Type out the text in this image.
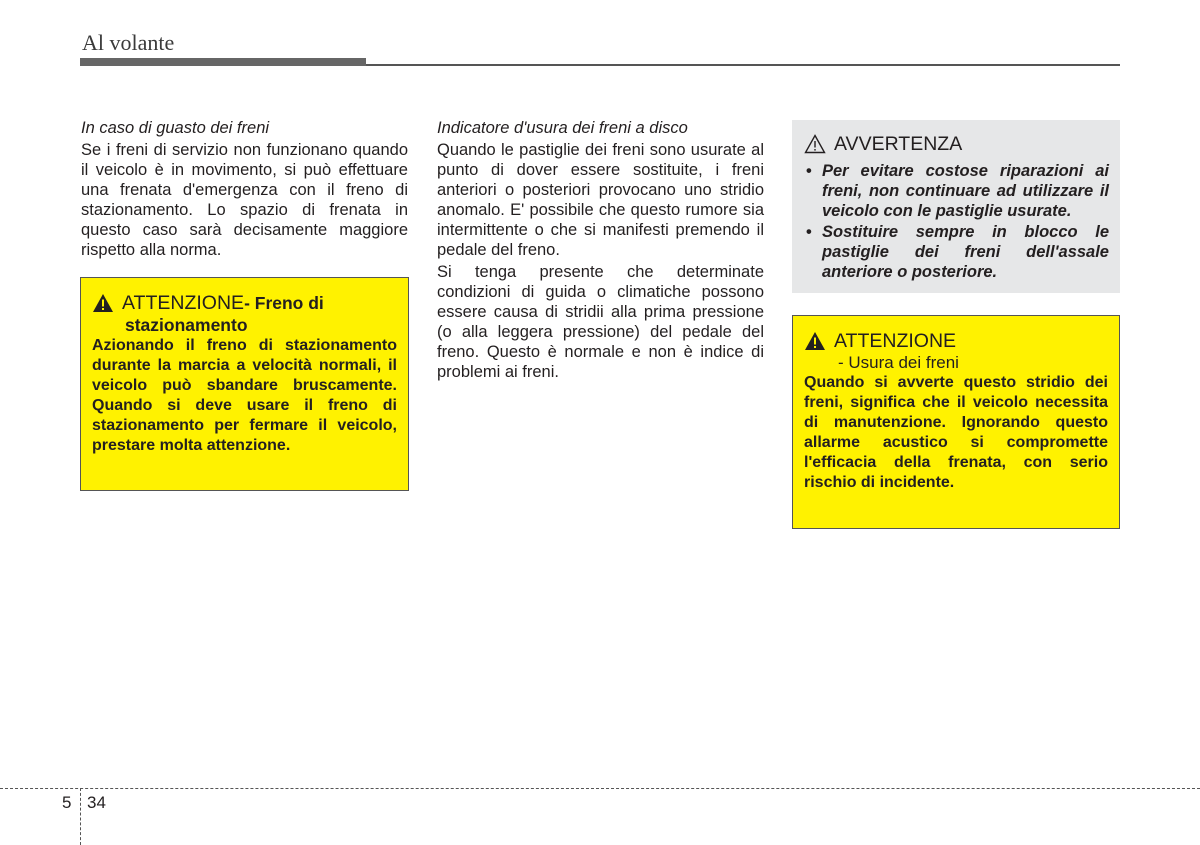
Al volante

In caso di guasto dei freni

Se i freni di servizio non funzionano quando il veicolo è in movimento, si può effettuare una frenata d'emergenza con il freno di stazionamento. Lo spazio di frenata in questo caso sarà decisamente maggiore rispetto alla norma.

ATTENZIONE - Freno di
stazionamento

Azionando il freno di stazionamento durante la marcia a velocità normali, il veicolo può sbandare bruscamente. Quando si deve usare il freno di stazionamento per fermare il veicolo, prestare molta attenzione.

Indicatore d'usura dei freni a disco

Quando le pastiglie dei freni sono usurate al punto di dover essere sostituite, i freni anteriori o posteriori provocano uno stridio anomalo. E' possibile che questo rumore sia intermittente o che si manifesti premendo il pedale del freno.

Si tenga presente che determinate condizioni di guida o climatiche possono essere causa di stridii alla prima pressione (o alla leggera pressione) del pedale del freno. Questo è normale e non è indice di problemi ai freni.

AVVERTENZA
• Per evitare costose riparazioni ai freni, non continuare ad utilizzare il veicolo con le pastiglie usurate.
• Sostituire sempre in blocco le pastiglie dei freni dell'assale anteriore o posteriore.
ATTENZIONE
- Usura dei freni

Quando si avverte questo stridio dei freni, significa che il veicolo necessita di manutenzione. Ignorando questo allarme acustico si compromette l'efficacia della frenata, con serio rischio di incidente.

5 34
